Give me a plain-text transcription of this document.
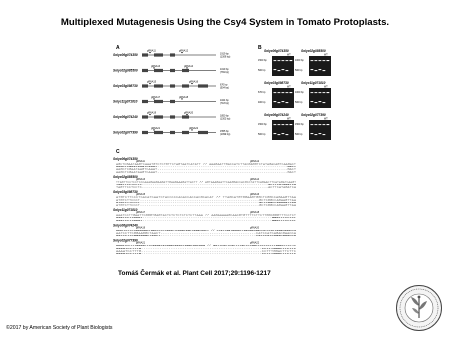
Multiplexed Mutagenesis Using the Csy4 System in Tomato Protoplasts.
A	B
Solyc06g074350
gRNA11	gRNA12
1919 bp
(1309 bp)
Solyc02g085500
gRNA13	gRNA14
1019 bp
(769 bp)
Solyc03g098730
gRNA15	gRNA16
670 bp
(504 bp)
Solyc11g071810
gRNA17	gRNA18
1024 bp
(718 bp)
Solyc06g074240
gRNA19	gRNA20
1850 bp
(1302 bp)
Solyc02g077390
gRNA21	gRNA22
1555 bp
(1099 bp)
Solyc06g074350
WT
1500 bp
500 bp
Solyc02g085500
WT
1000 bp
500 bp
Solyc03g098730
WT
670 bp
400 bp
Solyc11g071810
WT
1000 bp
500 bp
Solyc06g074240
WT
1500 bp
500 bp
Solyc02g077390
WT
1500 bp
500 bp
C
Solyc06g074350
gRNA11	gRNA12
AGCTCGAATAAGTCAAATGTCTCTGTTCTAGTAATCATATT // AAAGAATTGACCATCTTACGAGGTCTATAGACAGTCAAGACT
AAGCTCGAATAAGTCAAAT------------------------------------------------------------GACT
AAGCTCGAATAAGTCAAAT------------------------------------------------------------GACT
AAGCTCGAATAAGTCAAAT------------------------------------------------------------GACT
Solyc02g085500
gRNA13	gRNA14
TTAGTTCCTCCTCCCAAAGAAGAAGATTGAAGAAAGATTACTT // AGTAAAGAATTCAAGGACCACGCCTATTCAGAACTTCATAGATCAAGT
TAGTTCCTCCTC-----------------------------------------------------------ACTTCATAGATCA
TAGTTCCTCCTC-----------------------------------------------------------ACTTCATAGATCA
Solyc03g098730
gRNA15	gRNA16
ATGTCTTCCCTCACATCAATCTACCCCCACACCACCACGCACAT // TTAGCATGTGGAAGTGGCTCGGCCAGAAGTTAA
ATGTCTTCCCT-------------------------------------------------------GCTCGGCCAGAAGTTAA
ATGTCTTCCCT-------------------------------------------------------GCTCGGCCAGAAGTTAA
ATGTCTTCCCT-------------------------------------------------------GCTCGGCCAGAAGTTAA
Solyc11g071810
gRNA17	gRNA18
AAATCCTTGAATTCGGGTGAGTACTCTCTCTCTCTCTTAAA // AAGAAAAAGCAACGTGTTTTCTTCTTGGCGGGTTTCCTCT
AAATCCTTGAAT-----------------------------------------------------------GGGTTTCCTCT
AAATCCTTGAAT-----------------------------------------------------------GGGTTTCCTCT
Solyc06g074240
gRNA19	gRNA20
AAATCCTTCTGAAAGGCTGGCCCTCTAAACTCAAGTAGCTAAGCAACT // CTATTAGTGAAATTAACGGTGGCCATCCATCAGACGAACCA
AATCCTTCGGAAGGCTAACT-------------------------------------------CATCCATCAGACGAACCA
AATCCTTCGGAAGGCTAACT-------------------------------------------CATCCATCAGACGAACCA
Solyc02g077390
gRNA21	gRNA22
AAAATCCTTTGAAACTTCAAGATATGGACAAACTAGGTAACAAG // GATTCACTCACTTTACTCTGGCTCCTCCTTTGGACTTCTTC
AAAATCCTTTG-----------------------------------------------------CCTTTGGACTTCTTC
AAAATCCTTTG-----------------------------------------------------CCTTTGGACTTCTTC
AAAATCCTTTG-----------------------------------------------------CCTTTGGACTTCTTC
Tomáš Čermák et al. Plant Cell 2017;29:1196-1217
©2017 by American Society of Plant Biologists
